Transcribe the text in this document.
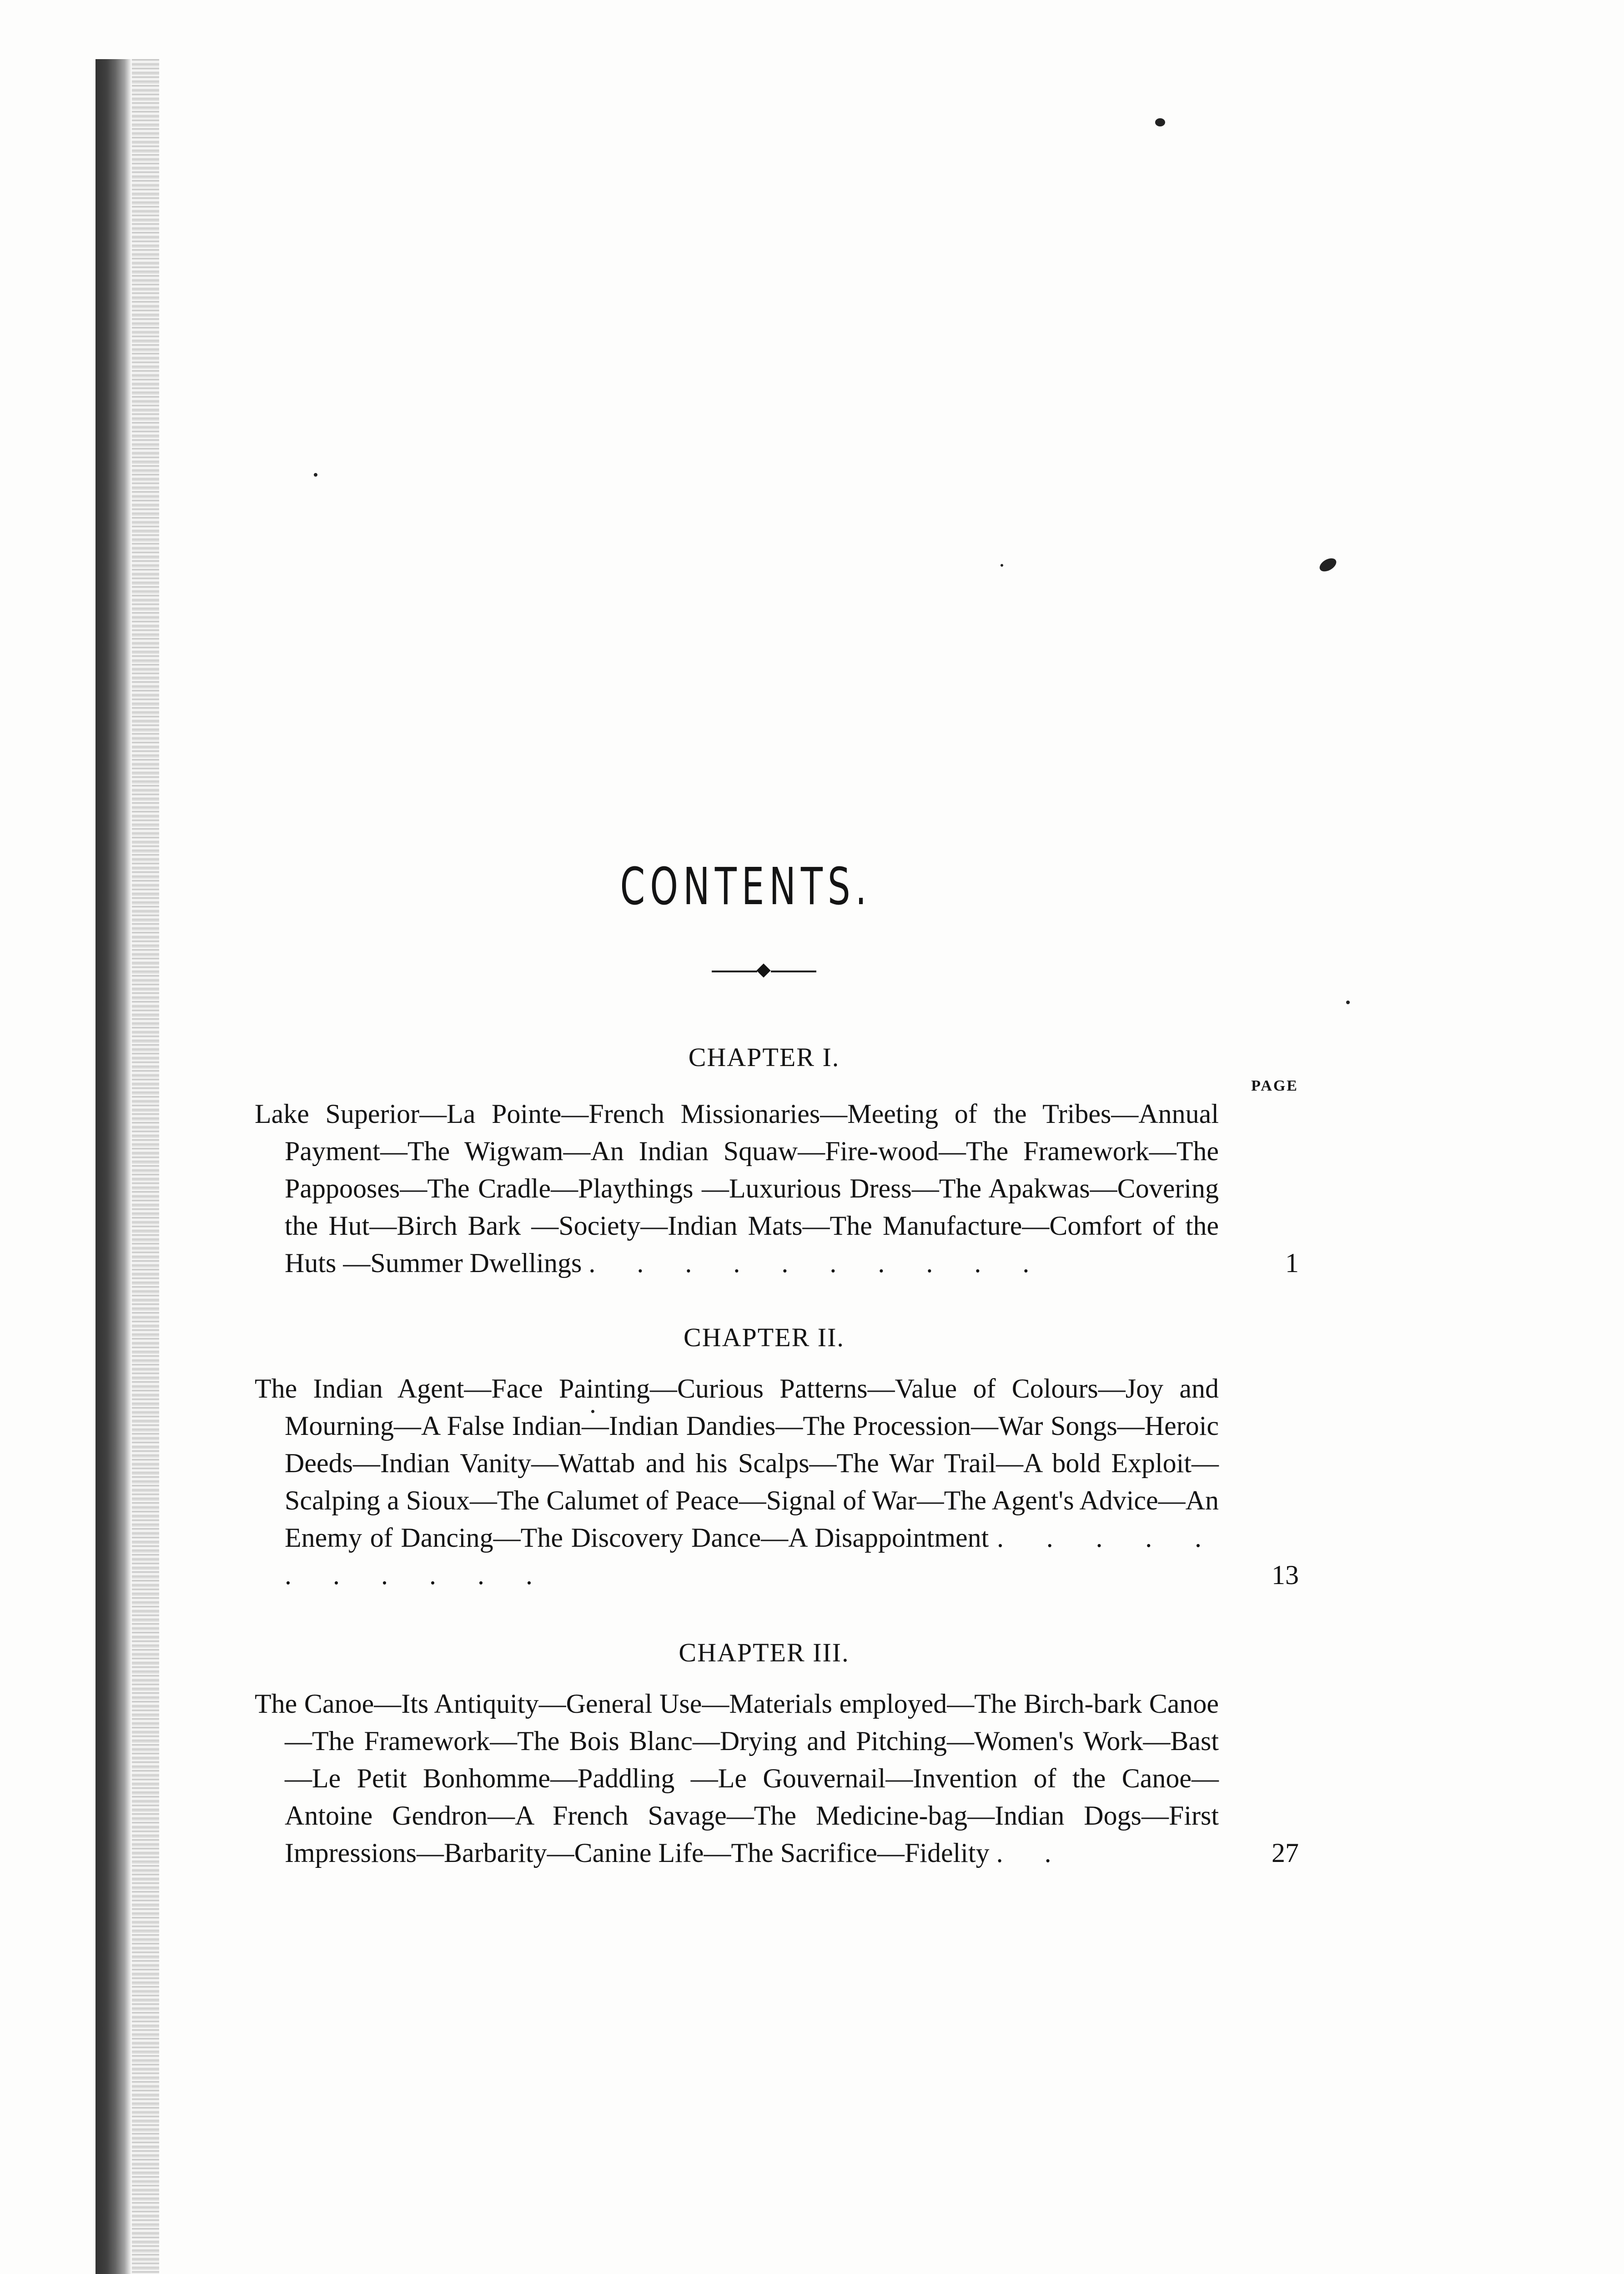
CONTENTS.
CHAPTER I.
PAGE
Lake Superior—La Pointe—French Missionaries—Meeting of the Tribes—Annual Payment—The Wigwam—An Indian Squaw—Fire-wood—The Framework—The Pappooses—The Cradle—Playthings —Luxurious Dress—The Apakwas—Covering the Hut—Birch Bark —Society—Indian Mats—The Manufacture—Comfort of the Huts —Summer Dwellings . . . . . . . . . .	1
CHAPTER II.
The Indian Agent—Face Painting—Curious Patterns—Value of Colours—Joy and Mourning—A False Indian—Indian Dandies—The Procession—War Songs—Heroic Deeds—Indian Vanity—Wattab and his Scalps—The War Trail—A bold Exploit—Scalping a Sioux—The Calumet of Peace—Signal of War—The Agent's Advice—An Enemy of Dancing—The Discovery Dance—A Disappointment . . . . . . . . . . .	13
CHAPTER III.
The Canoe—Its Antiquity—General Use—Materials employed—The Birch-bark Canoe—The Framework—The Bois Blanc—Drying and Pitching—Women's Work—Bast—Le Petit Bonhomme—Paddling —Le Gouvernail—Invention of the Canoe—Antoine Gendron—A French Savage—The Medicine-bag—Indian Dogs—First Impressions—Barbarity—Canine Life—The Sacrifice—Fidelity . .	27
